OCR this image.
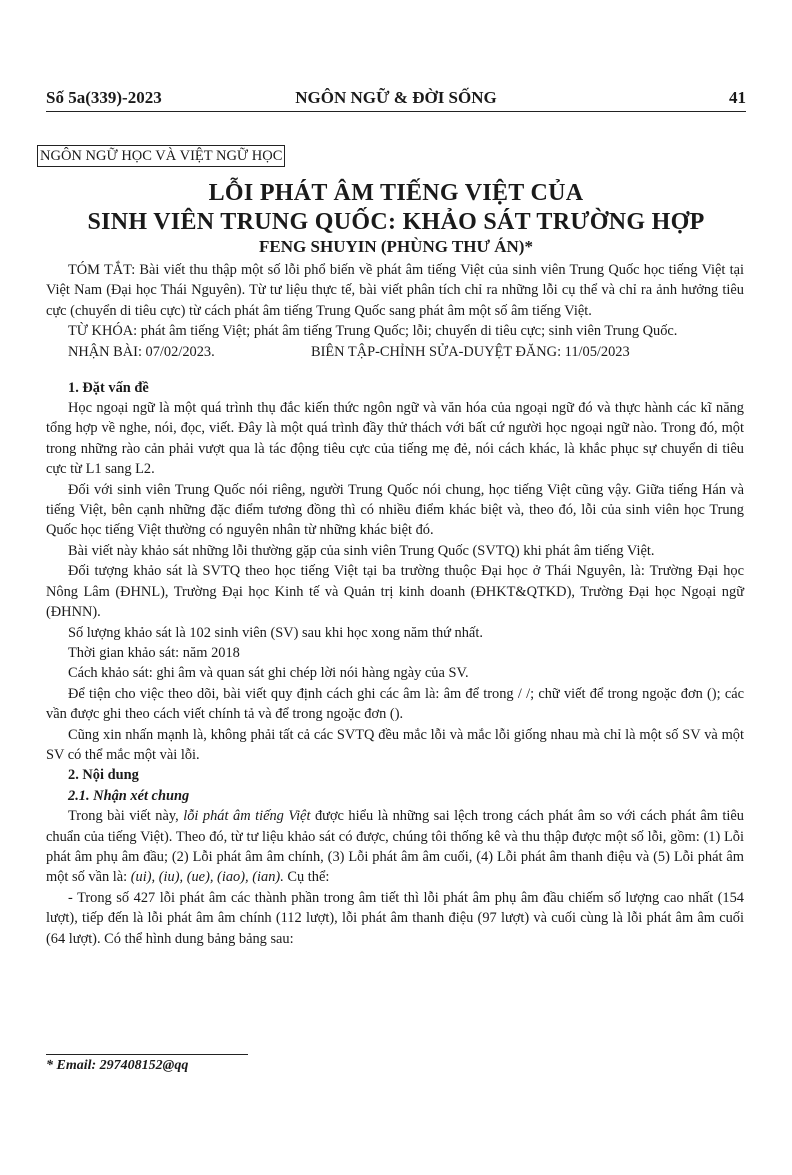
Số 5a(339)-2023	NGÔN NGỮ & ĐỜI SỐNG	41
NGÔN NGỮ HỌC VÀ VIỆT NGỮ HỌC
LỖI PHÁT ÂM TIẾNG VIỆT CỦA
SINH VIÊN TRUNG QUỐC: KHẢO SÁT TRƯỜNG HỢP
FENG SHUYIN (PHÙNG THƯ ÁN)*

TÓM TẮT: Bài viết thu thập một số lỗi phổ biến về phát âm tiếng Việt của sinh viên Trung Quốc học tiếng Việt tại Việt Nam (Đại học Thái Nguyên). Từ tư liệu thực tế, bài viết phân tích chỉ ra những lỗi cụ thể và chỉ ra ảnh hưởng tiêu cực (chuyển di tiêu cực) từ cách phát âm tiếng Trung Quốc sang phát âm một số âm tiếng Việt.

TỪ KHÓA: phát âm tiếng Việt; phát âm tiếng Trung Quốc; lỗi; chuyển di tiêu cực; sinh viên Trung Quốc.

NHẬN BÀI: 07/02/2023.	BIÊN TẬP-CHỈNH SỬA-DUYỆT ĐĂNG: 11/05/2023

1. Đặt vấn đề

Học ngoại ngữ là một quá trình thụ đắc kiến thức ngôn ngữ và văn hóa của ngoại ngữ đó và thực hành các kĩ năng tổng hợp về nghe, nói, đọc, viết. Đây là một quá trình đầy thử thách với bất cứ người học ngoại ngữ nào. Trong đó, một trong những rào cản phải vượt qua là tác động tiêu cực của tiếng mẹ đẻ, nói cách khác, là khắc phục sự chuyển di tiêu cực từ L1 sang L2.

Đối với sinh viên Trung Quốc nói riêng, người Trung Quốc nói chung, học tiếng Việt cũng vậy. Giữa tiếng Hán và tiếng Việt, bên cạnh những đặc điểm tương đồng thì có nhiều điểm khác biệt và, theo đó, lỗi của sinh viên học Trung Quốc học tiếng Việt thường có nguyên nhân từ những khác biệt đó.

Bài viết này khảo sát những lỗi thường gặp của sinh viên Trung Quốc (SVTQ) khi phát âm tiếng Việt.

Đối tượng khảo sát là SVTQ theo học tiếng Việt tại ba trường thuộc Đại học ở Thái Nguyên, là: Trường Đại học Nông Lâm (ĐHNL), Trường Đại học Kinh tế và Quản trị kinh doanh (ĐHKT&QTKD), Trường Đại học Ngoại ngữ (ĐHNN).

Số lượng khảo sát là 102 sinh viên (SV) sau khi học xong năm thứ nhất.

Thời gian khảo sát: năm 2018

Cách khảo sát: ghi âm và quan sát ghi chép lời nói hàng ngày của SV.

Để tiện cho việc theo dõi, bài viết quy định cách ghi các âm là: âm để trong / /; chữ viết để trong ngoặc đơn (); các vần được ghi theo cách viết chính tả và để trong ngoặc đơn ().

Cũng xin nhấn mạnh là, không phải tất cả các SVTQ đều mắc lỗi và mắc lỗi giống nhau mà chỉ là một số SV và một SV có thể mắc một vài lỗi.

2. Nội dung

2.1. Nhận xét chung

Trong bài viết này, lỗi phát âm tiếng Việt được hiểu là những sai lệch trong cách phát âm so với cách phát âm tiêu chuẩn của tiếng Việt). Theo đó, từ tư liệu khảo sát có được, chúng tôi thống kê và thu thập được một số lỗi, gồm: (1) Lỗi phát âm phụ âm đầu; (2) Lỗi phát âm âm chính, (3) Lỗi phát âm âm cuối, (4) Lỗi phát âm thanh điệu và (5) Lỗi phát âm một số vần là: (ui), (iu), (ue), (iao), (ian). Cụ thể:

- Trong số 427 lỗi phát âm các thành phần trong âm tiết thì lỗi phát âm phụ âm đầu chiếm số lượng cao nhất (154 lượt), tiếp đến là lỗi phát âm âm chính (112 lượt), lỗi phát âm thanh điệu (97 lượt) và cuối cùng là lỗi phát âm âm cuối (64 lượt). Có thể hình dung bảng bảng sau:

* Email: 297408152@qq
